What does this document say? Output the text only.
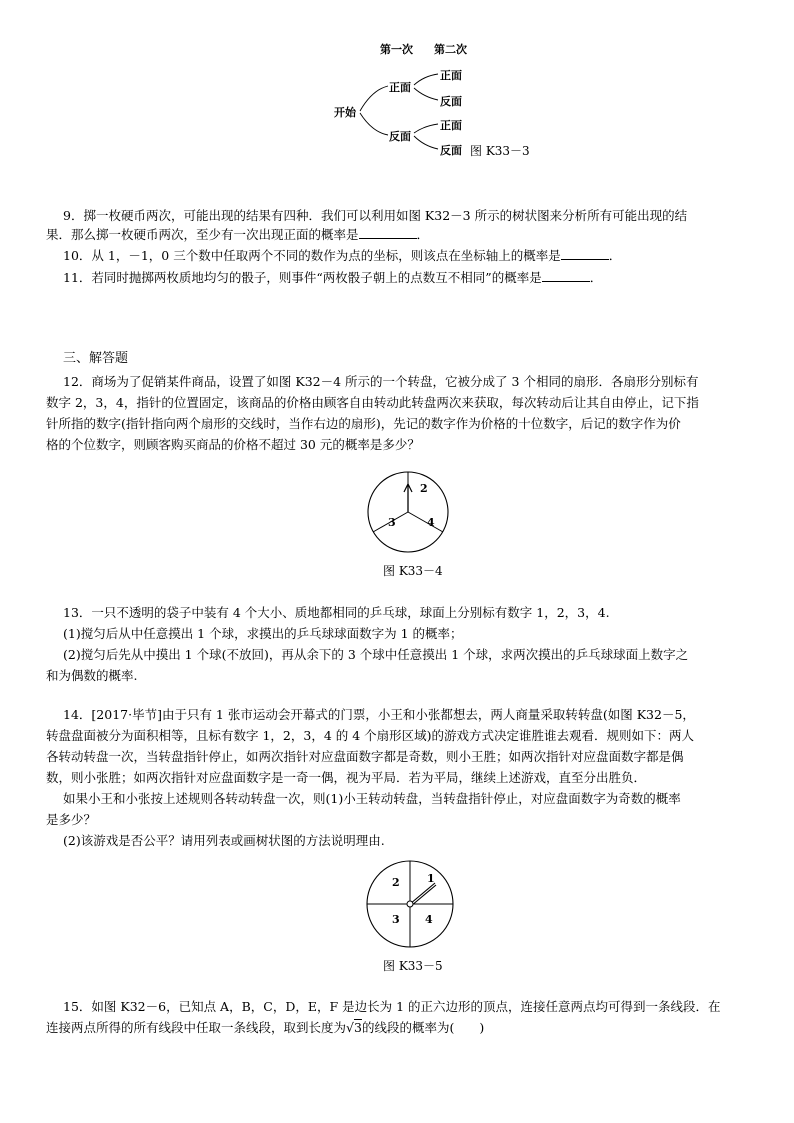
第一次 第二次
开始
正面
反面
正面
反面
正面
反面 图 K33－3
9．掷一枚硬币两次，可能出现的结果有四种．我们可以利用如图 K32－3 所示的树状图来分析所有可能出现的结
果．那么掷一枚硬币两次，至少有一次出现正面的概率是	．
10．从 1，－1，0 三个数中任取两个不同的数作为点的坐标，则该点在坐标轴上的概率是	．
11．若同时抛掷两枚质地均匀的骰子，则事件“两枚骰子朝上的点数互不相同”的概率是	．
三、解答题
12．商场为了促销某件商品，设置了如图 K32－4 所示的一个转盘，它被分成了 3 个相同的扇形．各扇形分别标有
数字 2，3，4，指针的位置固定，该商品的价格由顾客自由转动此转盘两次来获取，每次转动后让其自由停止，记下指
针所指的数字(指针指向两个扇形的交线时，当作右边的扇形)，先记的数字作为价格的十位数字，后记的数字作为价
格的个位数字，则顾客购买商品的价格不超过 30 元的概率是多少？
2
3	4
图 K33－4
13．一只不透明的袋子中装有 4 个大小、质地都相同的乒乓球，球面上分别标有数字 1，2，3，4.
(1)搅匀后从中任意摸出 1 个球，求摸出的乒乓球球面数字为 1 的概率；
(2)搅匀后先从中摸出 1 个球(不放回)，再从余下的 3 个球中任意摸出 1 个球，求两次摸出的乒乓球球面上数字之
和为偶数的概率.
14．[2017·毕节]由于只有 1 张市运动会开幕式的门票，小王和小张都想去，两人商量采取转转盘(如图 K32－5，
转盘盘面被分为面积相等，且标有数字 1，2，3，4 的 4 个扇形区域)的游戏方式决定谁胜谁去观看．规则如下：两人
各转动转盘一次，当转盘指针停止，如两次指针对应盘面数字都是奇数，则小王胜；如两次指针对应盘面数字都是偶
数，则小张胜；如两次指针对应盘面数字是一奇一偶，视为平局．若为平局，继续上述游戏，直至分出胜负．
如果小王和小张按上述规则各转动转盘一次，则(1)小王转动转盘，当转盘指针停止，对应盘面数字为奇数的概率
是多少？
(2)该游戏是否公平？请用列表或画树状图的方法说明理由.
1
2
3 4
图 K33－5
15．如图 K32－6，已知点 A，B，C，D，E，F 是边长为 1 的正六边形的顶点，连接任意两点均可得到一条线段．在
连接两点所得的所有线段中任取一条线段，取到长度为√3的线段的概率为(　　)
